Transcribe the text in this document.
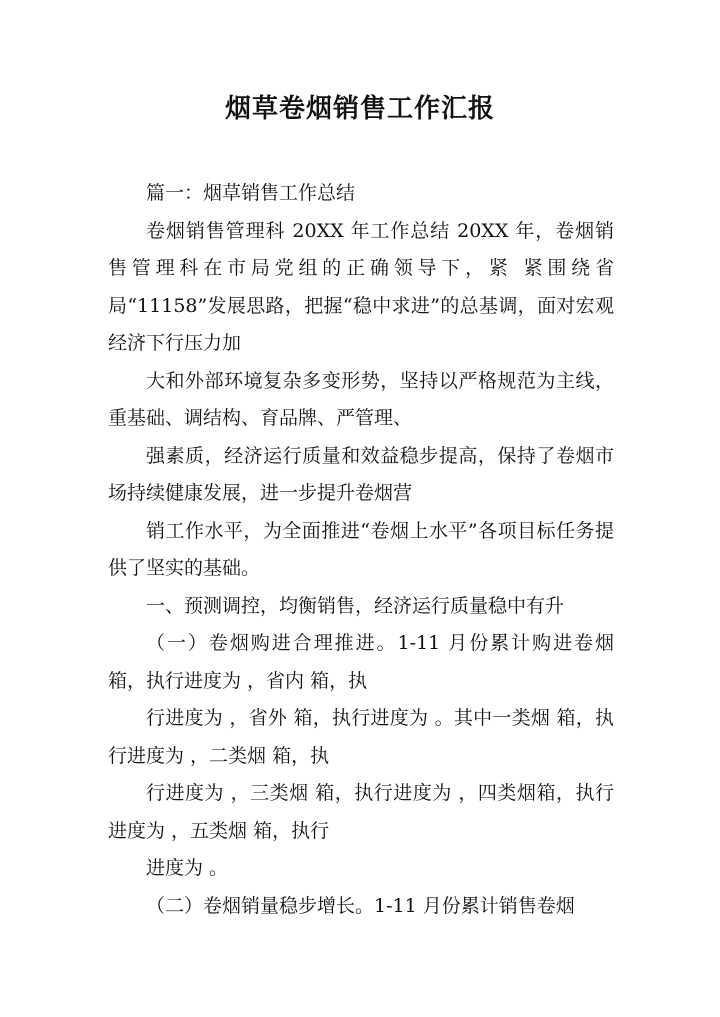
烟草卷烟销售工作汇报

篇一：烟草销售工作总结

卷烟销售管理科 20XX 年工作总结 20XX 年，卷烟销售管理科在市局党组的正确领导下，紧 紧围绕省局“11158”发展思路，把握“稳中求进”的总基调，面对宏观经济下行压力加

大和外部环境复杂多变形势，坚持以严格规范为主线，重基础、调结构、育品牌、严管理、

强素质，经济运行质量和效益稳步提高，保持了卷烟市场持续健康发展，进一步提升卷烟营

销工作水平，为全面推进“卷烟上水平”各项目标任务提供了坚实的基础。

一、预测调控，均衡销售，经济运行质量稳中有升

（一）卷烟购进合理推进。1-11 月份累计购进卷烟 箱，执行进度为 ，省内 箱，执

行进度为 ，省外 箱，执行进度为 。其中一类烟 箱，执行进度为 ，二类烟 箱，执

行进度为 ，三类烟 箱，执行进度为 ，四类烟箱，执行进度为 ，五类烟 箱，执行

进度为 。

（二）卷烟销量稳步增长。1-11 月份累计销售卷烟
